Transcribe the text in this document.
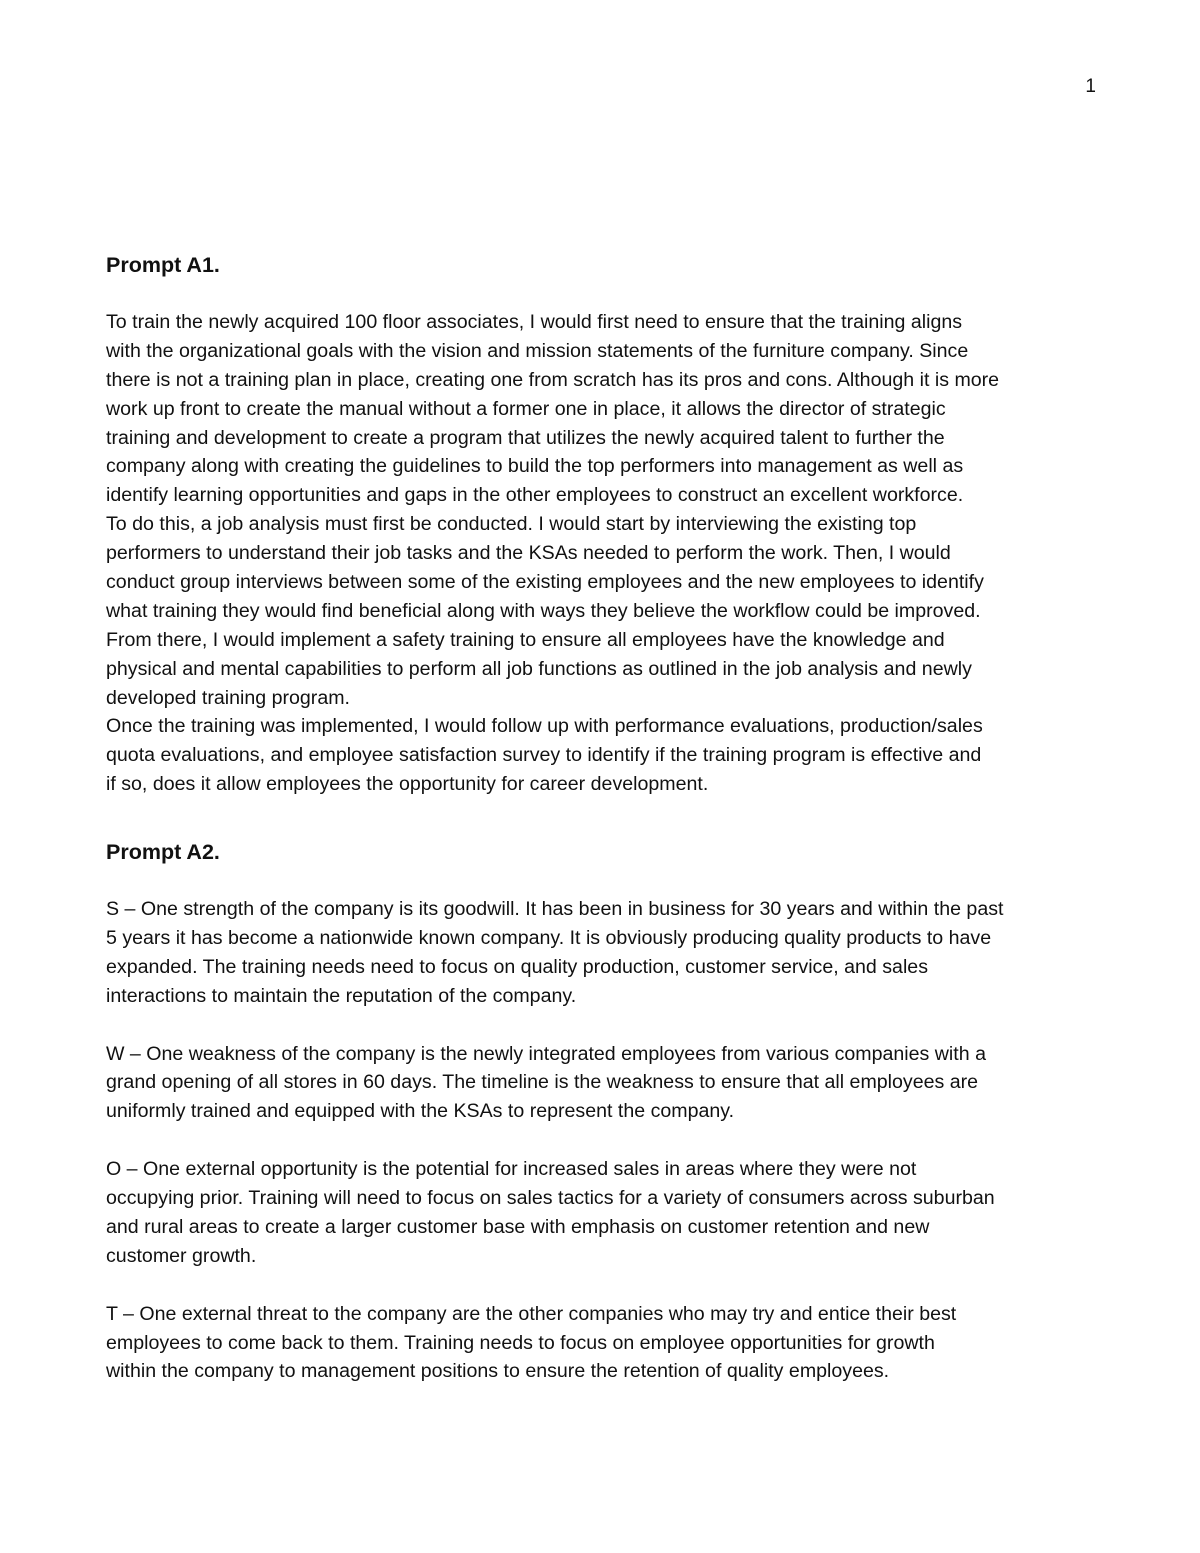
1
Prompt A1.
To train the newly acquired 100 floor associates, I would first need to ensure that the training aligns
with the organizational goals with the vision and mission statements of the furniture company. Since
there is not a training plan in place, creating one from scratch has its pros and cons. Although it is more
work up front to create the manual without a former one in place, it allows the director of strategic
training and development to create a program that utilizes the newly acquired talent to further the
company along with creating the guidelines to build the top performers into management as well as
identify learning opportunities and gaps in the other employees to construct an excellent workforce.
To do this, a job analysis must first be conducted. I would start by interviewing the existing top
performers to understand their job tasks and the KSAs needed to perform the work. Then, I would
conduct group interviews between some of the existing employees and the new employees to identify
what training they would find beneficial along with ways they believe the workflow could be improved.
From there, I would implement a safety training to ensure all employees have the knowledge and
physical and mental capabilities to perform all job functions as outlined in the job analysis and newly
developed training program.
Once the training was implemented, I would follow up with performance evaluations, production/sales
quota evaluations, and employee satisfaction survey to identify if the training program is effective and
if so, does it allow employees the opportunity for career development.
Prompt A2.
S – One strength of the company is its goodwill. It has been in business for 30 years and within the past
5 years it has become a nationwide known company. It is obviously producing quality products to have
expanded. The training needs need to focus on quality production, customer service, and sales
interactions to maintain the reputation of the company.
W – One weakness of the company is the newly integrated employees from various companies with a
grand opening of all stores in 60 days. The timeline is the weakness to ensure that all employees are
uniformly trained and equipped with the KSAs to represent the company.
O – One external opportunity is the potential for increased sales in areas where they were not
occupying prior. Training will need to focus on sales tactics for a variety of consumers across suburban
and rural areas to create a larger customer base with emphasis on customer retention and new
customer growth.
T – One external threat to the company are the other companies who may try and entice their best
employees to come back to them. Training needs to focus on employee opportunities for growth
within the company to management positions to ensure the retention of quality employees.
